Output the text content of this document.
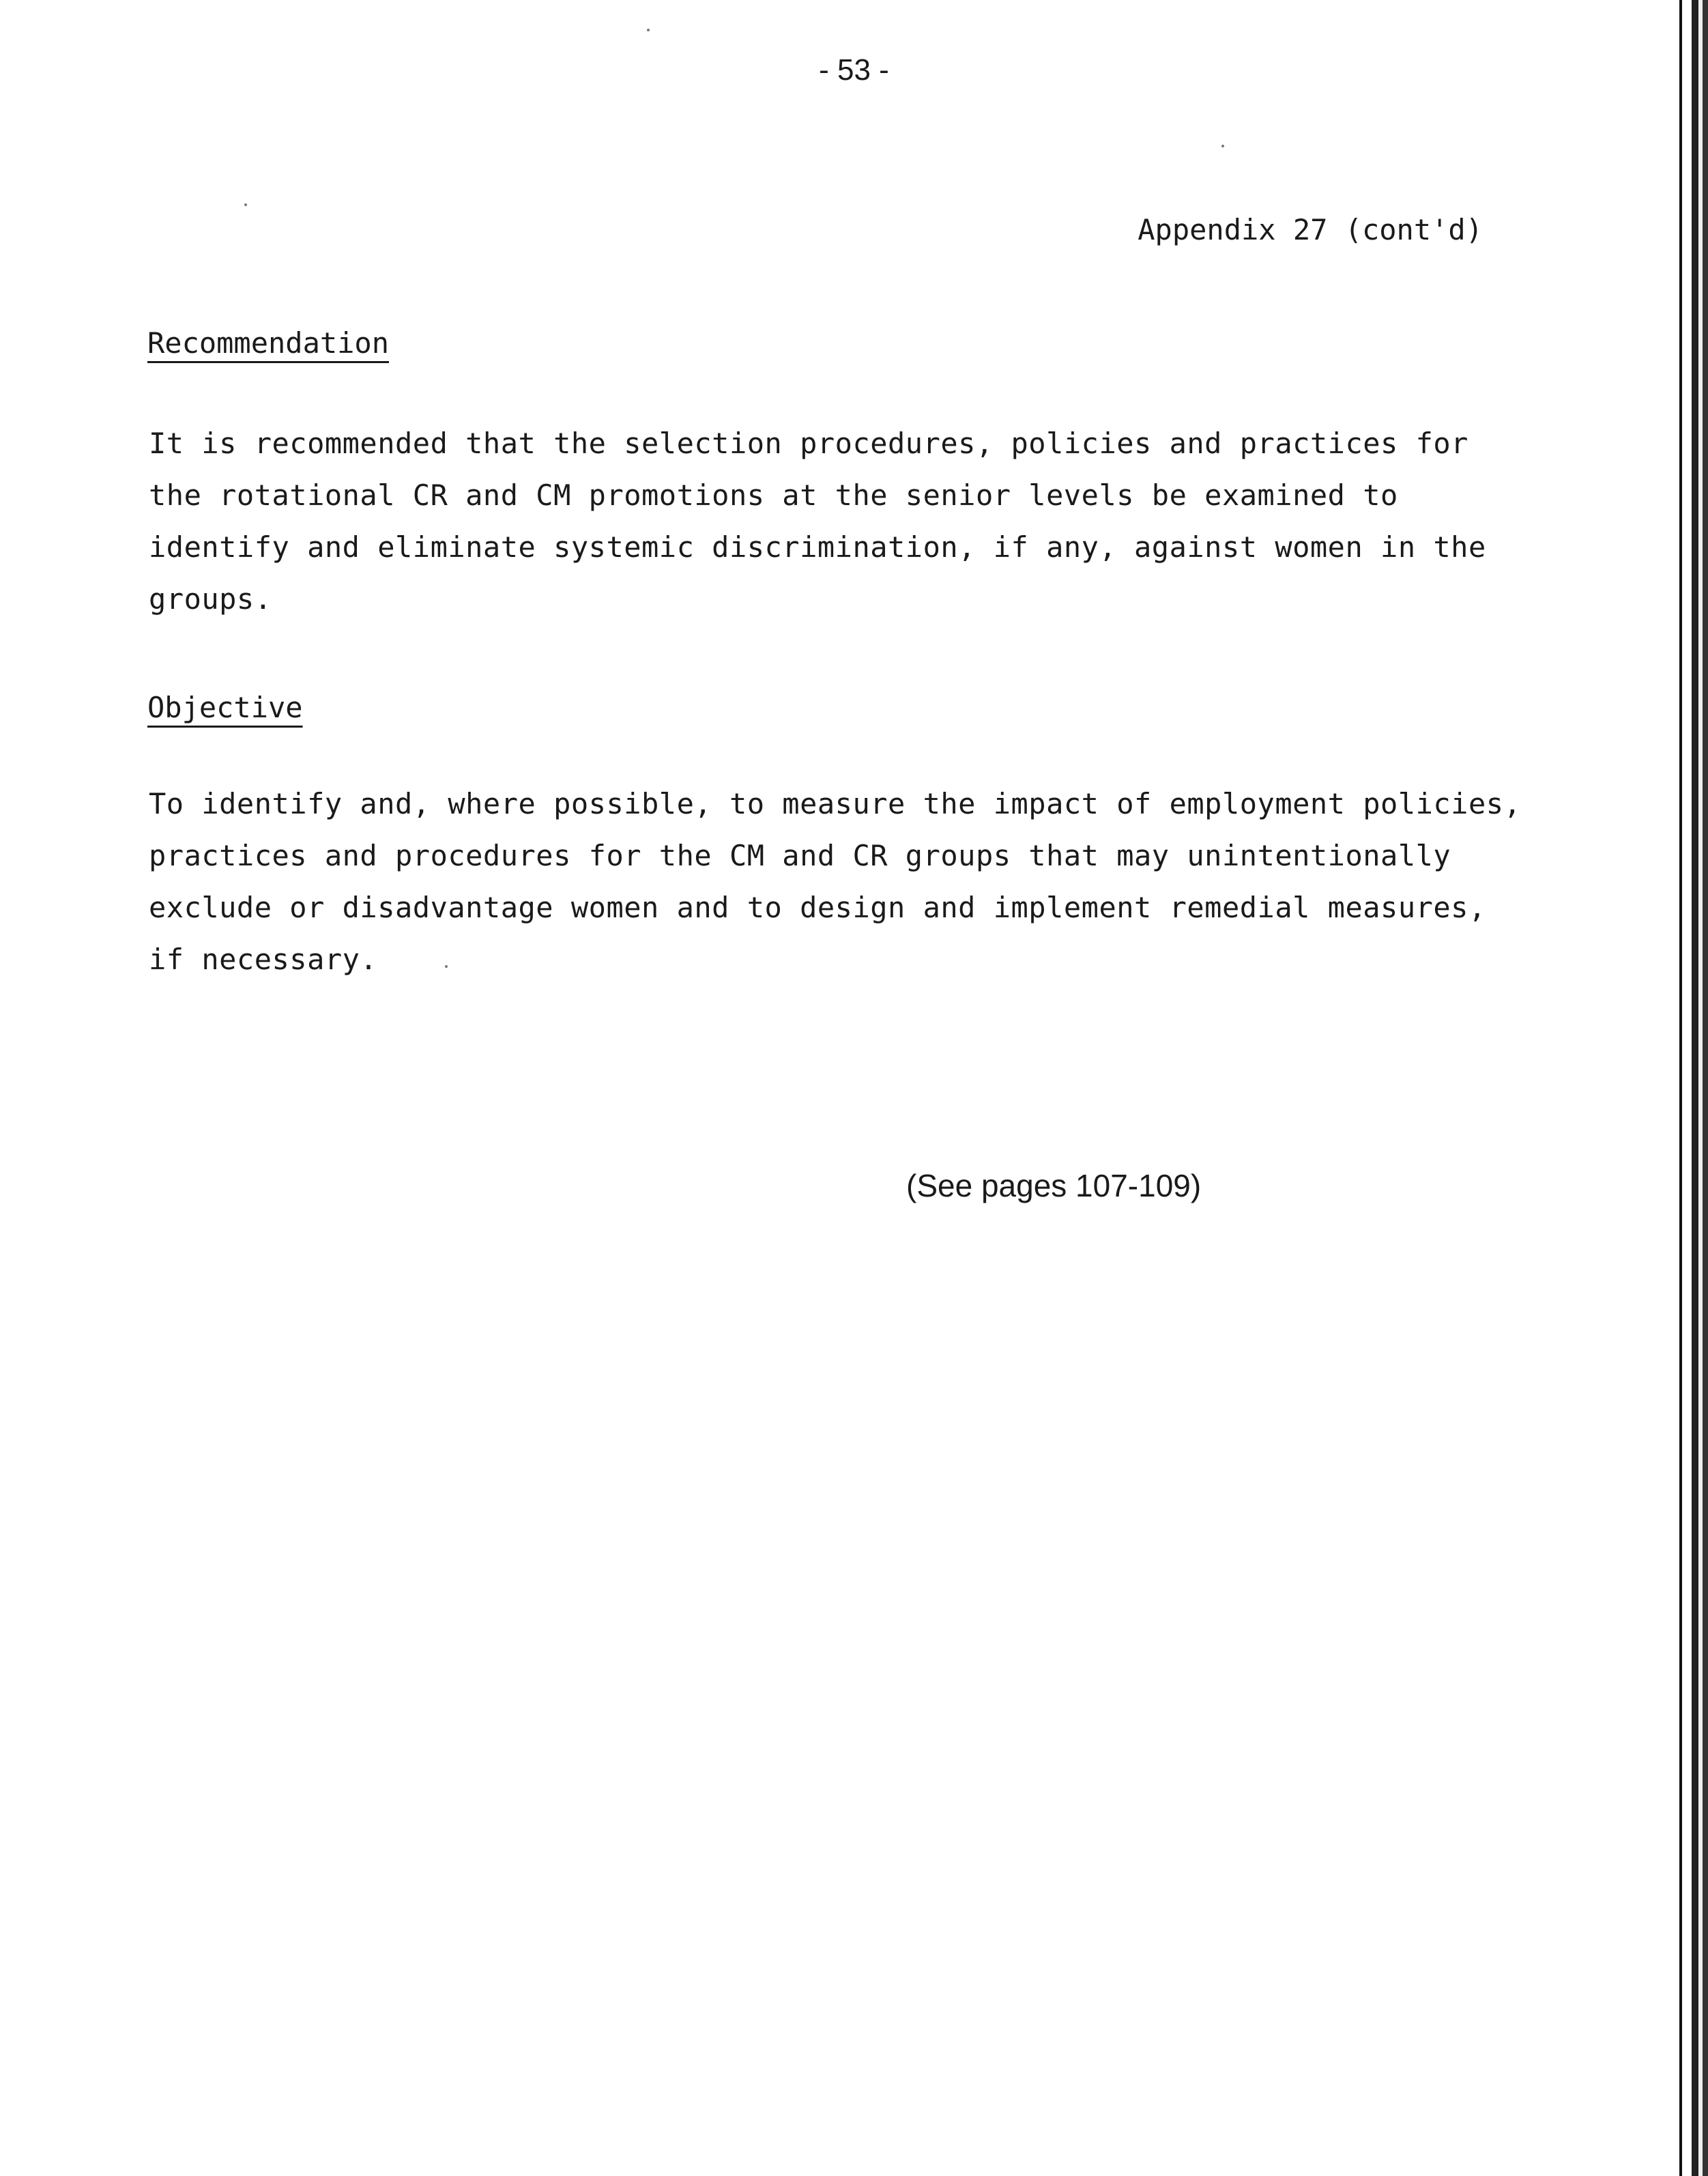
- 53 -
Appendix 27 (cont'd)
Recommendation
It is recommended that the selection procedures, policies and practices for
the rotational CR and CM promotions at the senior levels be examined to
identify and eliminate systemic discrimination, if any, against women in the
groups.
Objective
To identify and, where possible, to measure the impact of employment policies,
practices and procedures for the CM and CR groups that may unintentionally
exclude or disadvantage women and to design and implement remedial measures,
if necessary.
(See pages 107-109)
